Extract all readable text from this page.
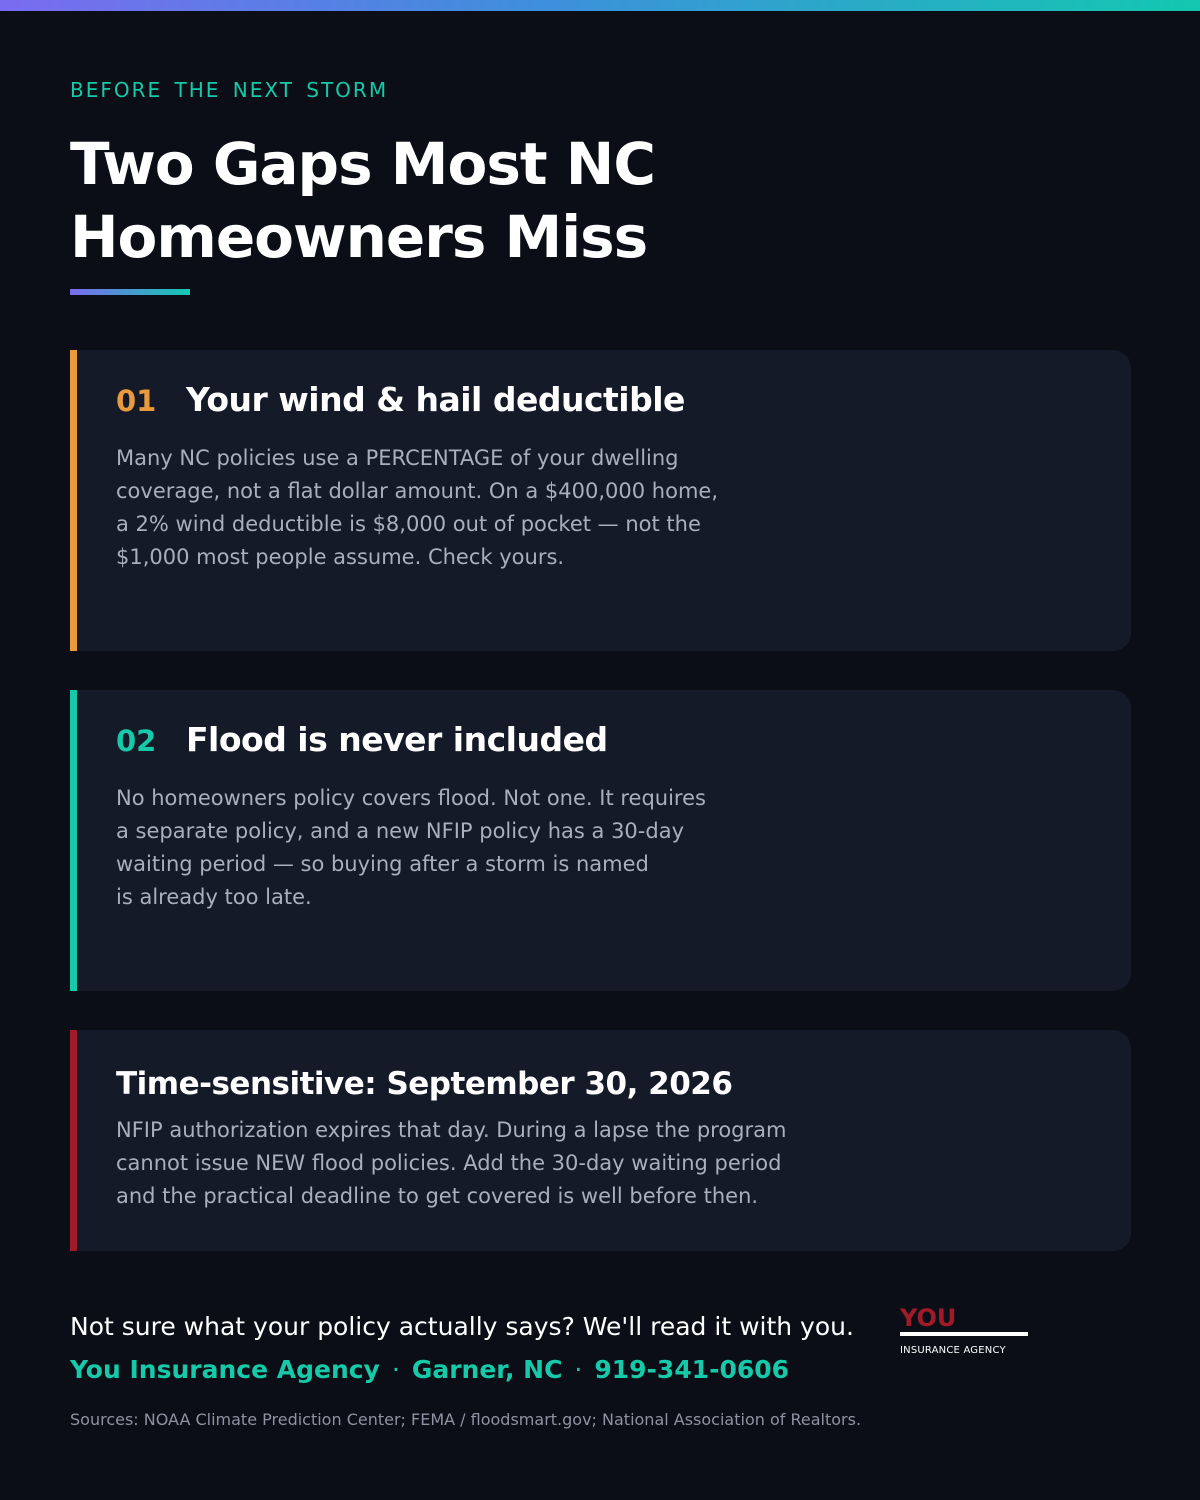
BEFORE THE NEXT STORM
Two Gaps Most NC Homeowners Miss
01 Your wind & hail deductible

Many NC policies use a PERCENTAGE of your dwelling
coverage, not a flat dollar amount. On a $400,000 home,
a 2% wind deductible is $8,000 out of pocket — not the
$1,000 most people assume. Check yours.

02 Flood is never included

No homeowners policy covers flood. Not one. It requires
a separate policy, and a new NFIP policy has a 30-day
waiting period — so buying after a storm is named
is already too late.

Time-sensitive: September 30, 2026

NFIP authorization expires that day. During a lapse the program
cannot issue NEW flood policies. Add the 30-day waiting period
and the practical deadline to get covered is well before then.

Not sure what your policy actually says? We'll read it with you.
You Insurance Agency · Garner, NC · 919-341-0606
Sources: NOAA Climate Prediction Center; FEMA / floodsmart.gov; National Association of Realtors.
YOU
INSURANCE AGENCY
